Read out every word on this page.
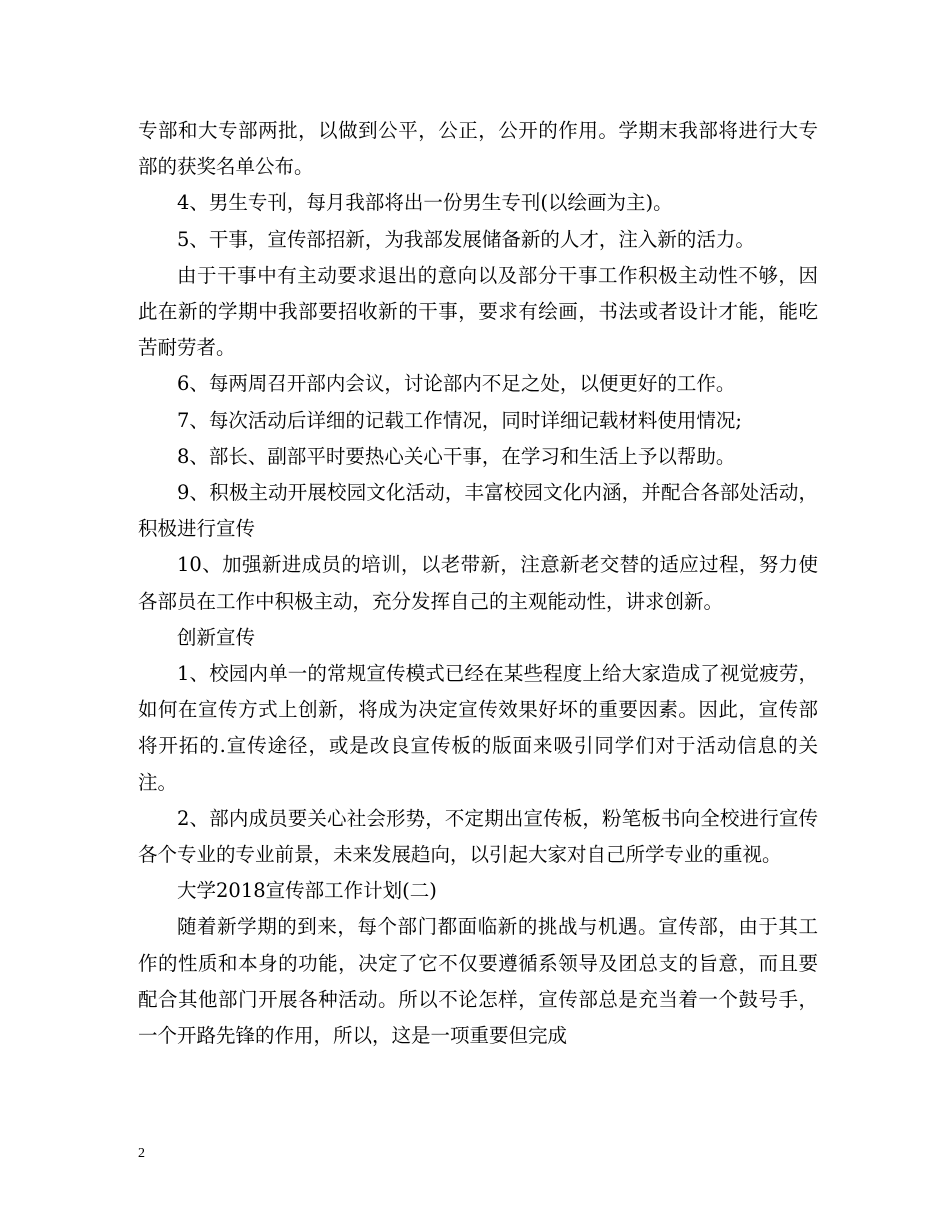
专部和大专部两批，以做到公平，公正，公开的作用。学期末我部将进行大专部的获奖名单公布。

4、男生专刊，每月我部将出一份男生专刊(以绘画为主)。

5、干事，宣传部招新，为我部发展储备新的人才，注入新的活力。

由于干事中有主动要求退出的意向以及部分干事工作积极主动性不够，因此在新的学期中我部要招收新的干事，要求有绘画，书法或者设计才能，能吃苦耐劳者。

6、每两周召开部内会议，讨论部内不足之处，以便更好的工作。

7、每次活动后详细的记载工作情况，同时详细记载材料使用情况;

8、部长、副部平时要热心关心干事，在学习和生活上予以帮助。

9、积极主动开展校园文化活动，丰富校园文化内涵，并配合各部处活动，积极进行宣传

10、加强新进成员的培训，以老带新，注意新老交替的适应过程，努力使各部员在工作中积极主动，充分发挥自己的主观能动性，讲求创新。

创新宣传

1、校园内单一的常规宣传模式已经在某些程度上给大家造成了视觉疲劳，如何在宣传方式上创新，将成为决定宣传效果好坏的重要因素。因此，宣传部将开拓的.宣传途径，或是改良宣传板的版面来吸引同学们对于活动信息的关注。

2、部内成员要关心社会形势，不定期出宣传板，粉笔板书向全校进行宣传各个专业的专业前景，未来发展趋向，以引起大家对自己所学专业的重视。

大学2018宣传部工作计划(二)

随着新学期的到来，每个部门都面临新的挑战与机遇。宣传部，由于其工作的性质和本身的功能，决定了它不仅要遵循系领导及团总支的旨意，而且要配合其他部门开展各种活动。所以不论怎样，宣传部总是充当着一个鼓号手，一个开路先锋的作用，所以，这是一项重要但完成

2
